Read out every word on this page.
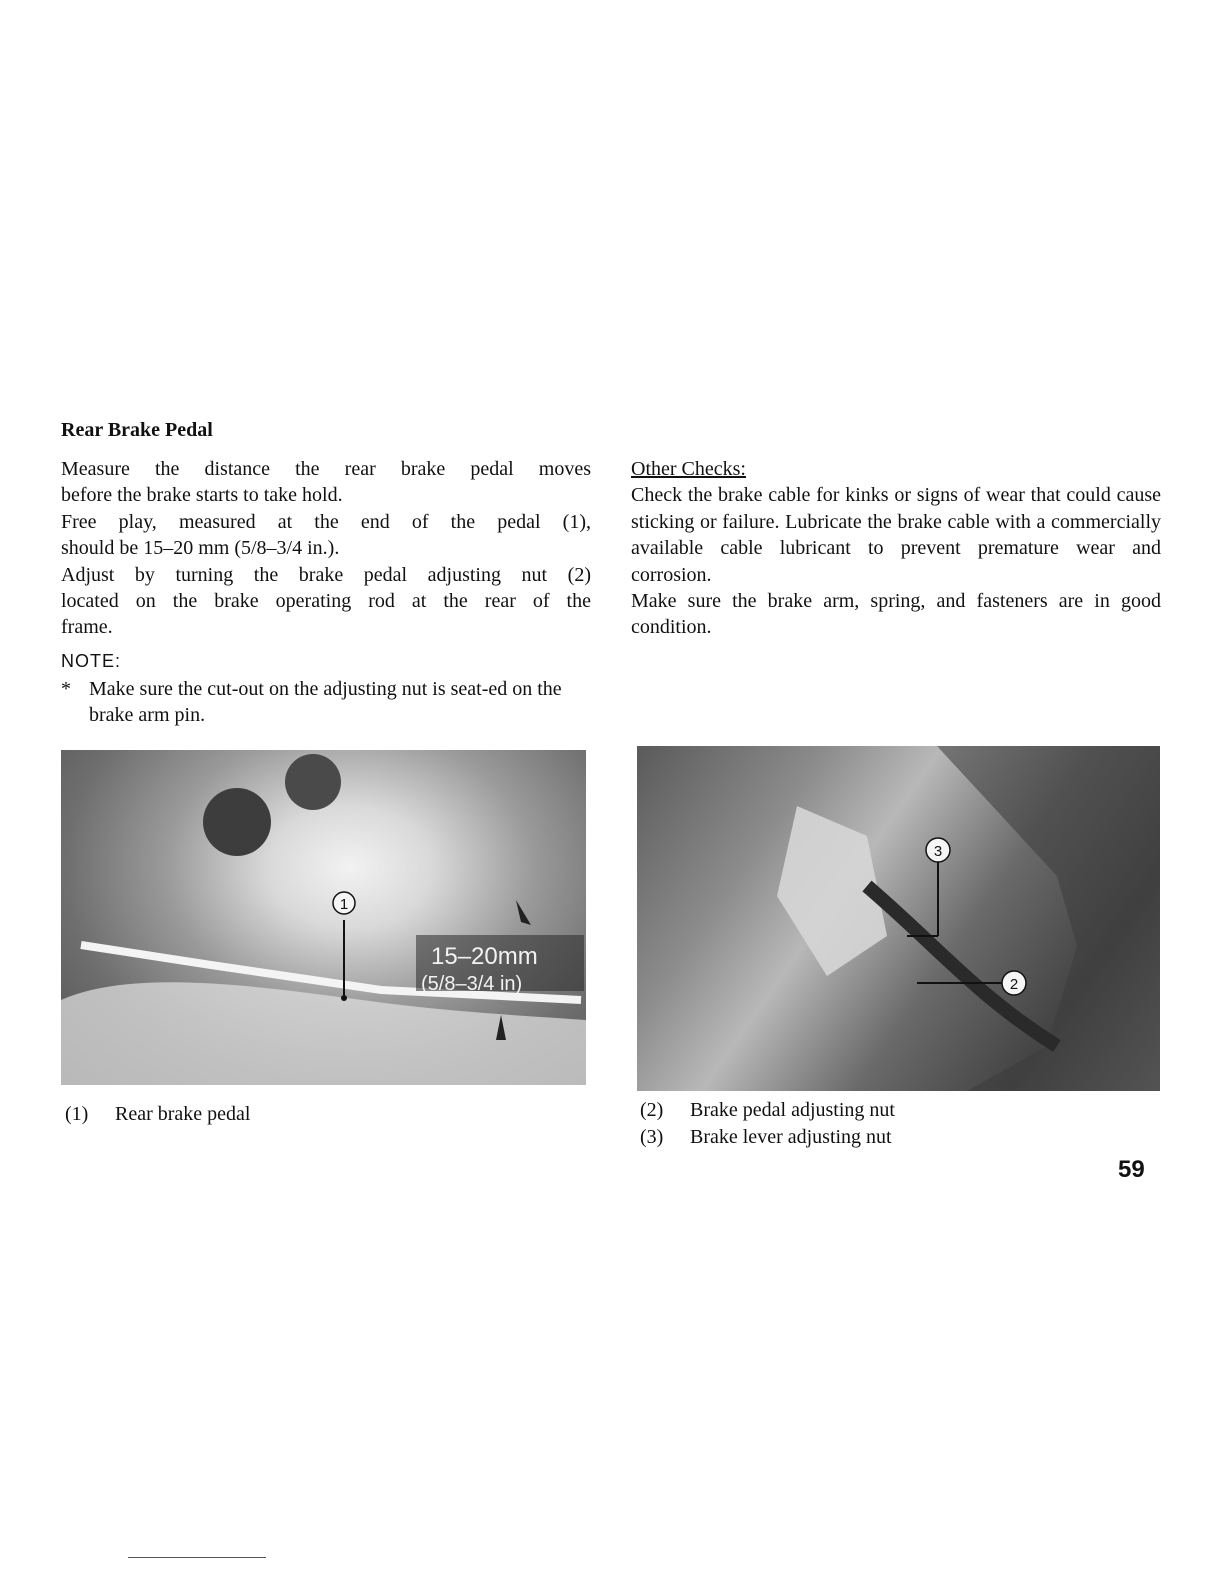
Rear Brake Pedal
Measure the distance the rear brake pedal moves
before the brake starts to take hold.
Free play, measured at the end of the pedal (1),
should be 15–20 mm (5/8–3/4 in.).
Adjust by turning the brake pedal adjusting nut (2)
located on the brake operating rod at the rear of the
frame.
NOTE:
* Make sure the cut-out on the adjusting nut is seat-ed on the brake arm pin.
Other Checks:
Check the brake cable for kinks or signs of wear that could cause sticking or failure. Lubricate the brake cable with a commercially available cable lubricant to prevent premature wear and corrosion.
Make sure the brake arm, spring, and fasteners are in good condition.
1
15–20mm
(5/8–3/4 in)
3
2
(1) Rear brake pedal	(2) Brake pedal adjusting nut
(3) Brake lever adjusting nut
59
